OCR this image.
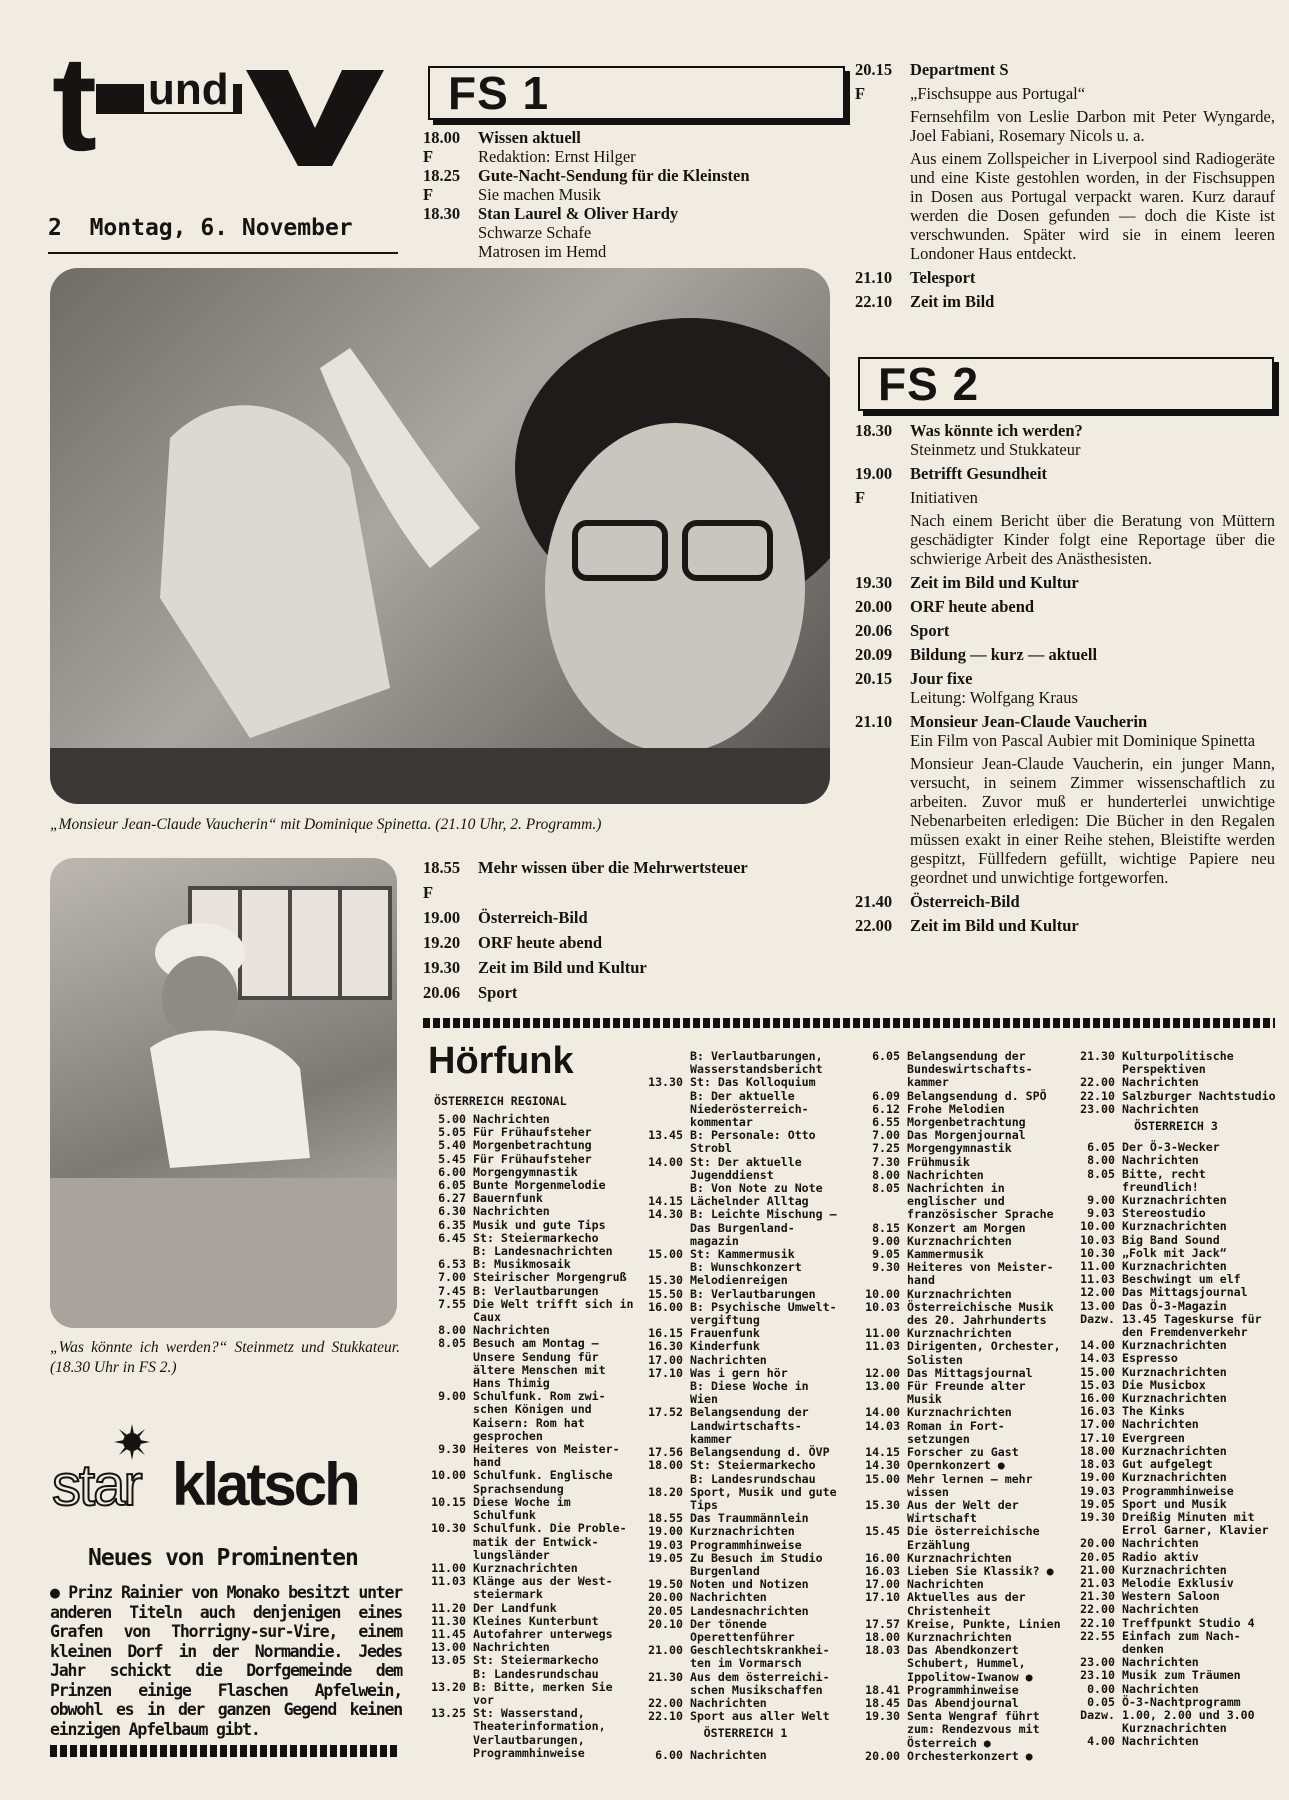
t und
RADIOWOCHE
2 Montag, 6. November
FS 1
18.00	Wissen aktuell
F	Redaktion: Ernst Hilger
18.25	Gute-Nacht-Sendung für die Kleinsten
F	Sie machen Musik
18.30	Stan Laurel & Oliver Hardy
Schwarze Schafe
Matrosen im Hemd
„Monsieur Jean-Claude Vaucherin“ mit Dominique Spinetta. (21.10 Uhr, 2. Programm.)
20.15	Department S
F	„Fischsuppe aus Portugal“
Fernsehfilm von Leslie Darbon mit Peter Wyngarde, Joel Fabiani, Rosemary Nicols u. a.
Aus einem Zollspeicher in Liverpool sind Radiogeräte und eine Kiste gestohlen worden, in der Fischsuppen in Dosen aus Portugal verpackt waren. Kurz darauf werden die Dosen gefunden — doch die Kiste ist verschwunden. Später wird sie in einem leeren Londoner Haus entdeckt.
21.10	Telesport
22.10	Zeit im Bild
FS 2
18.30	Was könnte ich werden?
Steinmetz und Stukkateur
19.00	Betrifft Gesundheit
F	Initiativen
Nach einem Bericht über die Beratung von Müttern geschädigter Kinder folgt eine Reportage über die schwierige Arbeit des Anästhesisten.
19.30	Zeit im Bild und Kultur
20.00	ORF heute abend
20.06	Sport
20.09	Bildung — kurz — aktuell
20.15	Jour fixe
Leitung: Wolfgang Kraus
21.10	Monsieur Jean-Claude Vaucherin
Ein Film von Pascal Aubier mit Dominique Spinetta
Monsieur Jean-Claude Vaucherin, ein junger Mann, versucht, in seinem Zimmer wissenschaftlich zu arbeiten. Zuvor muß er hunderterlei unwichtige Nebenarbeiten erledigen: Die Bücher in den Regalen müssen exakt in einer Reihe stehen, Bleistifte werden gespitzt, Füllfedern gefüllt, wichtige Papiere neu geordnet und unwichtige fortgeworfen.
21.40	Österreich-Bild
22.00	Zeit im Bild und Kultur
„Was könnte ich werden?“ Steinmetz und Stukkateur. (18.30 Uhr in FS 2.)
18.55	Mehr wissen über die Mehrwertsteuer
F
19.00	Österreich-Bild
19.20	ORF heute abend
19.30	Zeit im Bild und Kultur
20.06	Sport
star klatsch
Neues von Prominenten
● Prinz Rainier von Monako besitzt unter anderen Titeln auch denjenigen eines Grafen von Thorrigny-sur-Vire, einem kleinen Dorf in der Normandie. Jedes Jahr schickt die Dorfgemeinde dem Prinzen einige Flaschen Apfelwein, obwohl es in der ganzen Gegend keinen einzigen Apfelbaum gibt.
Hörfunk
ÖSTERREICH REGIONAL
5.00 Nachrichten
5.05 Für Frühaufsteher
5.40 Morgenbetrachtung
5.45 Für Frühaufsteher
6.00 Morgengymnastik
6.05 Bunte Morgenmelodie
6.27 Bauernfunk
6.30 Nachrichten
6.35 Musik und gute Tips
6.45 St: Steiermarkecho
B: Landesnachrichten
6.53 B: Musikmosaik
7.00 Steirischer Morgengruß
7.45 B: Verlautbarungen
7.55 Die Welt trifft sich in
Caux
8.00 Nachrichten
8.05 Besuch am Montag –
Unsere Sendung für
ältere Menschen mit
Hans Thimig
9.00 Schulfunk. Rom zwi-
schen Königen und
Kaisern: Rom hat
gesprochen
9.30 Heiteres von Meister-
hand
10.00 Schulfunk. Englische
Sprachsendung
10.15 Diese Woche im
Schulfunk
10.30 Schulfunk. Die Proble-
matik der Entwick-
lungsländer
11.00 Kurznachrichten
11.03 Klänge aus der West-
steiermark
11.20 Der Landfunk
11.30 Kleines Kunterbunt
11.45 Autofahrer unterwegs
13.00 Nachrichten
13.05 St: Steiermarkecho
B: Landesrundschau
13.20 B: Bitte, merken Sie
vor
13.25 St: Wasserstand,
Theaterinformation,
Verlautbarungen,
Programmhinweise
B: Verlautbarungen,
Wasserstandsbericht
13.30 St: Das Kolloquium
B: Der aktuelle
Niederösterreich-
kommentar
13.45 B: Personale: Otto
Strobl
14.00 St: Der aktuelle
Jugenddienst
B: Von Note zu Note
14.15 Lächelnder Alltag
14.30 B: Leichte Mischung –
Das Burgenland-
magazin
15.00 St: Kammermusik
B: Wunschkonzert
15.30 Melodienreigen
15.50 B: Verlautbarungen
16.00 B: Psychische Umwelt-
vergiftung
16.15 Frauenfunk
16.30 Kinderfunk
17.00 Nachrichten
17.10 Was i gern hör
B: Diese Woche in
Wien
17.52 Belangsendung der
Landwirtschafts-
kammer
17.56 Belangsendung d. ÖVP
18.00 St: Steiermarkecho
B: Landesrundschau
18.20 Sport, Musik und gute
Tips
18.55 Das Traummännlein
19.00 Kurznachrichten
19.03 Programmhinweise
19.05 Zu Besuch im Studio
Burgenland
19.50 Noten und Notizen
20.00 Nachrichten
20.05 Landesnachrichten
20.10 Der tönende
Operettenführer
21.00 Geschlechtskrankhei-
ten im Vormarsch
21.30 Aus dem österreichi-
schen Musikschaffen
22.00 Nachrichten
22.10 Sport aus aller Welt
ÖSTERREICH 1
6.00 Nachrichten
6.05 Belangsendung der
Bundeswirtschafts-
kammer
6.09 Belangsendung d. SPÖ
6.12 Frohe Melodien
6.55 Morgenbetrachtung
7.00 Das Morgenjournal
7.25 Morgengymnastik
7.30 Frühmusik
8.00 Nachrichten
8.05 Nachrichten in
englischer und
französischer Sprache
8.15 Konzert am Morgen
9.00 Kurznachrichten
9.05 Kammermusik
9.30 Heiteres von Meister-
hand
10.00 Kurznachrichten
10.03 Österreichische Musik
des 20. Jahrhunderts
11.00 Kurznachrichten
11.03 Dirigenten, Orchester,
Solisten
12.00 Das Mittagsjournal
13.00 Für Freunde alter
Musik
14.00 Kurznachrichten
14.03 Roman in Fort-
setzungen
14.15 Forscher zu Gast
14.30 Opernkonzert ●
15.00 Mehr lernen – mehr
wissen
15.30 Aus der Welt der
Wirtschaft
15.45 Die österreichische
Erzählung
16.00 Kurznachrichten
16.03 Lieben Sie Klassik? ●
17.00 Nachrichten
17.10 Aktuelles aus der
Christenheit
17.57 Kreise, Punkte, Linien
18.00 Kurznachrichten
18.03 Das Abendkonzert
Schubert, Hummel,
Ippolitow-Iwanow ●
18.41 Programmhinweise
18.45 Das Abendjournal
19.30 Senta Wengraf führt
zum: Rendezvous mit
Österreich ●
20.00 Orchesterkonzert ●
21.30 Kulturpolitische
Perspektiven
22.00 Nachrichten
22.10 Salzburger Nachtstudio
23.00 Nachrichten
ÖSTERREICH 3
6.05 Der Ö-3-Wecker
8.00 Nachrichten
8.05 Bitte, recht freundlich!
9.00 Kurznachrichten
9.03 Stereostudio
10.00 Kurznachrichten
10.03 Big Band Sound
10.30 „Folk mit Jack“
11.00 Kurznachrichten
11.03 Beschwingt um elf
12.00 Das Mittagsjournal
13.00 Das Ö-3-Magazin
Dazw. 13.45 Tageskurse für
den Fremdenverkehr
14.00 Kurznachrichten
14.03 Espresso
15.00 Kurznachrichten
15.03 Die Musicbox
16.00 Kurznachrichten
16.03 The Kinks
17.00 Nachrichten
17.10 Evergreen
18.00 Kurznachrichten
18.03 Gut aufgelegt
19.00 Kurznachrichten
19.03 Programmhinweise
19.05 Sport und Musik
19.30 Dreißig Minuten mit
Errol Garner, Klavier
20.00 Nachrichten
20.05 Radio aktiv
21.00 Kurznachrichten
21.03 Melodie Exklusiv
21.30 Western Saloon
22.00 Nachrichten
22.10 Treffpunkt Studio 4
22.55 Einfach zum Nach-
denken
23.00 Nachrichten
23.10 Musik zum Träumen
0.00 Nachrichten
0.05 Ö-3-Nachtprogramm
Dazw. 1.00, 2.00 und 3.00
Kurznachrichten
4.00 Nachrichten
